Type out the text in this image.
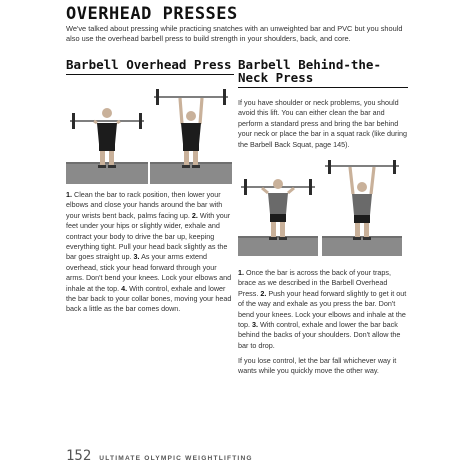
OVERHEAD PRESSES

We've talked about pressing while practicing snatches with an unweighted bar and PVC but you should also use the overhead barbell press to build strength in your shoulders, back, and core.

Barbell Overhead Press Barbell Behind-the-Neck Press
1. Clean the bar to rack position, then lower your elbows and close your hands around the bar with your wrists bent back, palms facing up. 2. With your feet under your hips or slightly wider, exhale and contract your body to drive the bar up, keeping everything tight. Pull your head back slightly as the bar goes straight up. 3. As your arms extend overhead, stick your head forward through your arms. Don't bend your knees. Lock your elbows and inhale at the top. 4. With control, exhale and lower the bar back to your collar bones, moving your head back a little as the bar comes down.

If you have shoulder or neck problems, you should avoid this lift. You can either clean the bar and perform a standard press and bring the bar behind your neck or place the bar in a squat rack (like during the Barbell Back Squat, page 145).

1. Once the bar is across the back of your traps, brace as we described in the Barbell Overhead Press. 2. Push your head forward slightly to get it out of the way and exhale as you press the bar. Don't bend your knees. Lock your elbows and inhale at the top. 3. With control, exhale and lower the bar back behind the backs of your shoulders. Don't allow the bar to drop.

If you lose control, let the bar fall whichever way it wants while you quickly move the other way.

152 ULTIMATE OLYMPIC WEIGHTLIFTING
